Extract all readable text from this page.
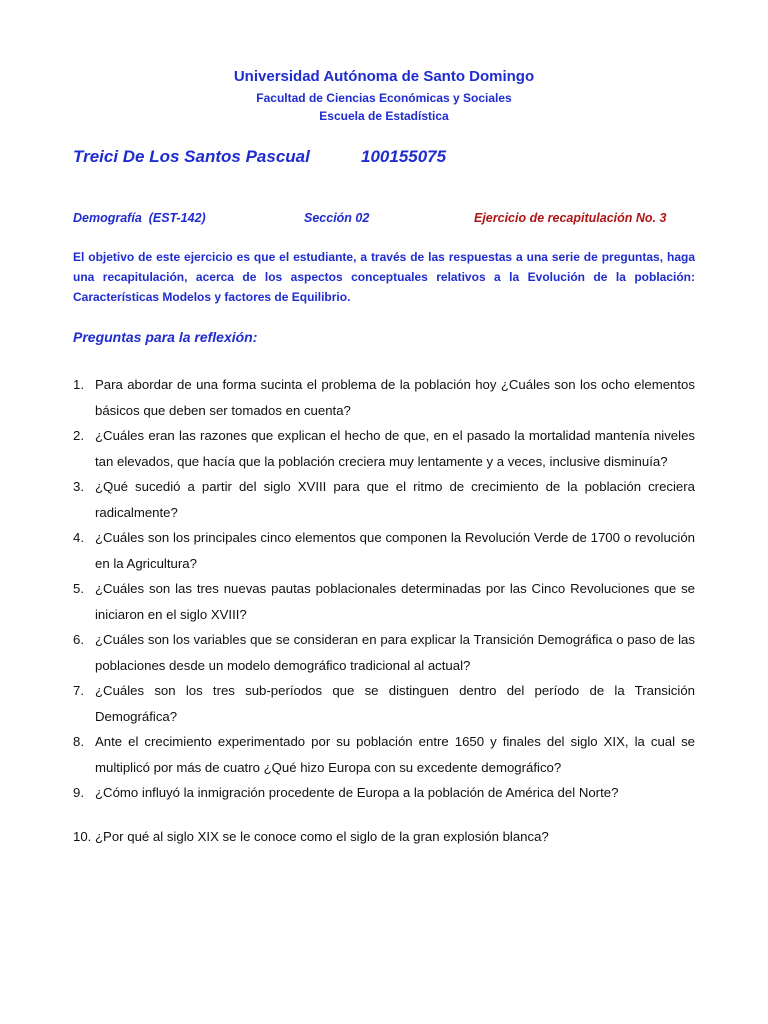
Universidad Autónoma de Santo Domingo
Facultad de Ciencias Económicas y Sociales
Escuela de Estadística
Treici De Los Santos Pascual	100155075
Demografía  (EST-142)	Sección 02	Ejercicio de recapitulación No. 3
El objetivo de este ejercicio es que el estudiante, a través de las respuestas a una serie de preguntas, haga una recapitulación, acerca de los aspectos conceptuales relativos a la Evolución de la población: Características Modelos y factores de Equilibrio.
Preguntas para la reflexión:
1. Para abordar de una forma sucinta el problema de la población hoy ¿Cuáles son los ocho elementos básicos que deben ser tomados en cuenta?
2. ¿Cuáles eran las razones que explican el hecho de que, en el pasado la mortalidad mantenía niveles tan elevados, que hacía que la población creciera muy lentamente y a veces, inclusive disminuía?
3. ¿Qué sucedió a partir del siglo XVIII para que el ritmo de crecimiento de la población creciera radicalmente?
4. ¿Cuáles son los principales cinco elementos que componen la Revolución Verde de 1700 o revolución en la Agricultura?
5. ¿Cuáles son las tres nuevas pautas poblacionales determinadas por las Cinco Revoluciones que se iniciaron en el siglo XVIII?
6. ¿Cuáles son los variables que se consideran en para explicar la Transición Demográfica o paso de las poblaciones desde un modelo demográfico tradicional al actual?
7. ¿Cuáles son los tres sub-períodos que se distinguen dentro del período de la Transición Demográfica?
8. Ante el crecimiento experimentado por su población entre 1650 y finales del siglo XIX, la cual se multiplicó por más de cuatro ¿Qué hizo Europa con su excedente demográfico?
9. ¿Cómo influyó la inmigración procedente de Europa a la población de América del Norte?
10. ¿Por qué al siglo XIX se le conoce como el siglo de la gran explosión blanca?
